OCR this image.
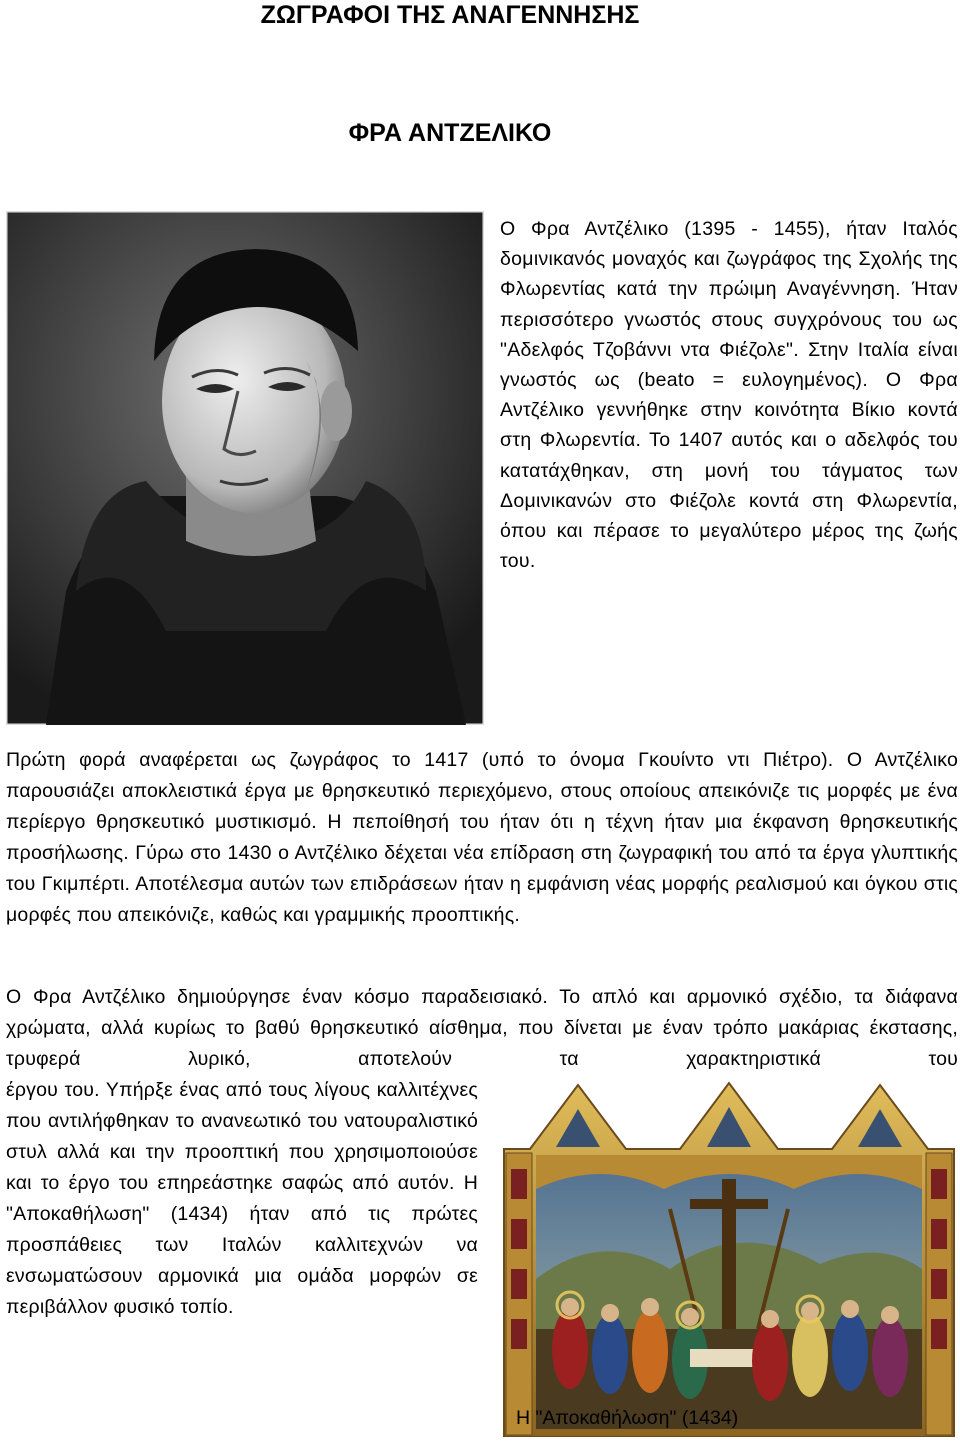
ΖΩΓΡΑΦΟΙ ΤΗΣ ΑΝΑΓΕΝΝΗΣΗΣ
ΦΡΑ ΑΝΤΖΕΛΙΚΟ

Ο Φρα Αντζέλικο (1395 - 1455), ήταν Ιταλός δομινικανός μοναχός και ζωγράφος της Σχολής της Φλωρεντίας κατά την πρώιμη Αναγέννηση. Ήταν περισσότερο γνωστός στους συγχρόνους του ως "Αδελφός Τζοβάννι ντα Φιέζολε". Στην Ιταλία είναι γνωστός ως (beato = ευλογημένος). Ο Φρα Αντζέλικο γεννήθηκε στην κοινότητα Βίκιο κοντά στη Φλωρεντία. Το 1407 αυτός και ο αδελφός του κατατάχθηκαν, στη μονή του τάγματος των Δομινικανών στο Φιέζολε κοντά στη Φλωρεντία, όπου και πέρασε το μεγαλύτερο μέρος της ζωής του.

Πρώτη φορά αναφέρεται ως ζωγράφος το 1417 (υπό το όνομα Γκουίντο ντι Πιέτρο). Ο Αντζέλικο παρουσιάζει αποκλειστικά έργα με θρησκευτικό περιεχόμενο, στους οποίους απεικόνιζε τις μορφές με ένα περίεργο θρησκευτικό μυστικισμό. Η πεποίθησή του ήταν ότι η τέχνη ήταν μια έκφανση θρησκευτικής προσήλωσης. Γύρω στο 1430 ο Αντζέλικο δέχεται νέα επίδραση στη ζωγραφική του από τα έργα γλυπτικής του Γκιμπέρτι. Αποτέλεσμα αυτών των επιδράσεων ήταν η εμφάνιση νέας μορφής ρεαλισμού και όγκου στις μορφές που απεικόνιζε, καθώς και γραμμικής προοπτικής.

Ο Φρα Αντζέλικο δημιούργησε έναν κόσμο παραδεισιακό. Το απλό και αρμονικό σχέδιο, τα διάφανα χρώματα, αλλά κυρίως το βαθύ θρησκευτικό αίσθημα, που δίνεται με έναν τρόπο μακάριας έκστασης, τρυφερά λυρικό, αποτελούν τα χαρακτηριστικά του
έργου του. Υπήρξε ένας από τους λίγους καλλιτέχνες που αντιλήφθηκαν το ανανεωτικό του νατουραλιστικό στυλ αλλά και την προοπτική που χρησιμοποιούσε και το έργο του επηρεάστηκε σαφώς από αυτόν. Η "Αποκαθήλωση" (1434) ήταν από τις πρώτες προσπάθειες των Ιταλών καλλιτεχνών να ενσωματώσουν αρμονικά μια ομάδα μορφών σε περιβάλλον φυσικό τοπίο.
Η "Αποκαθήλωση" (1434)
